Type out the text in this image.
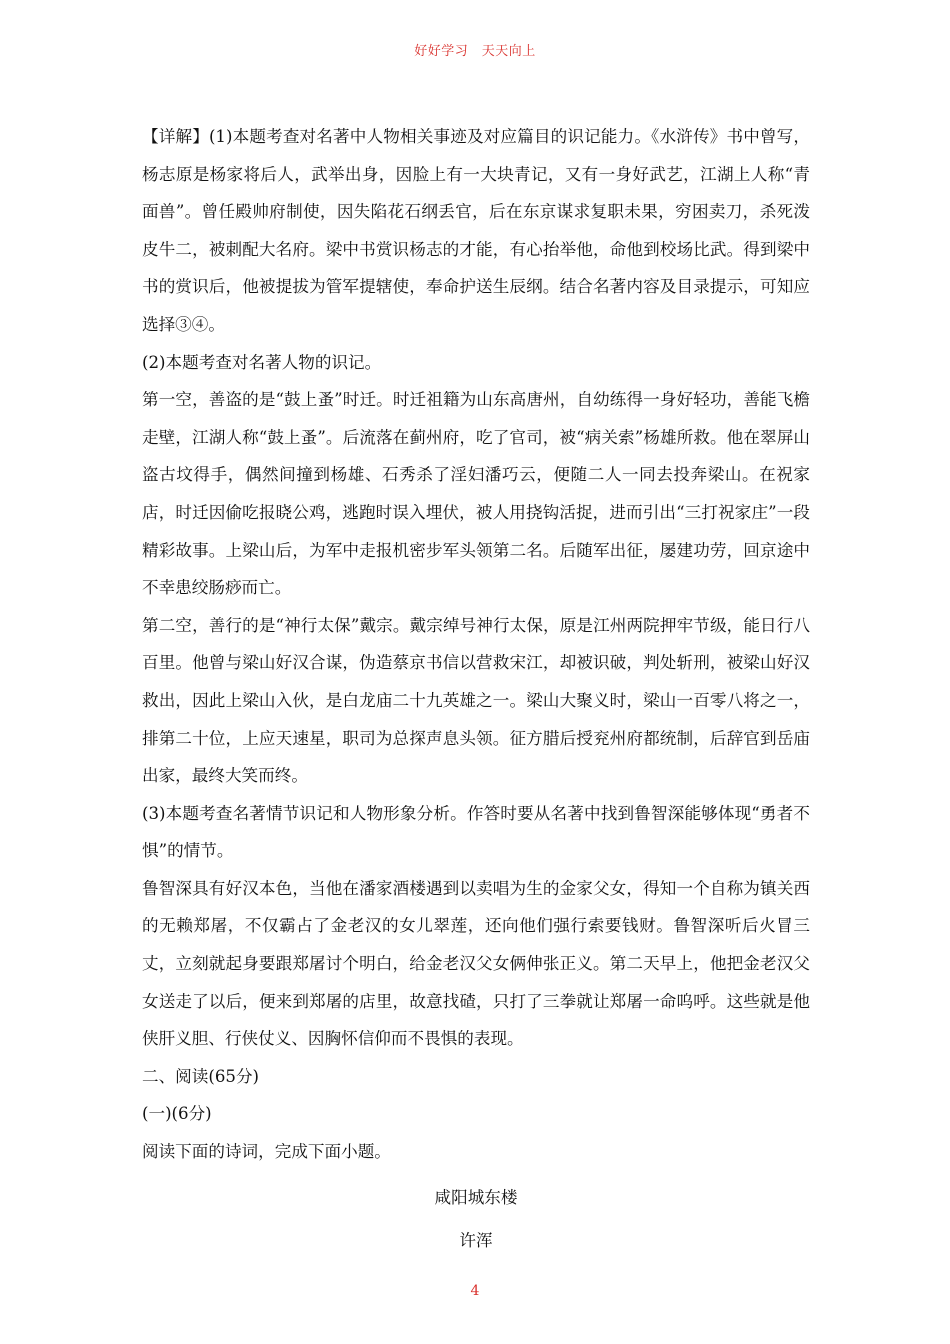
好好学习　天天向上

【详解】(1)本题考查对名著中人物相关事迹及对应篇目的识记能力。《水浒传》书中曾写，杨志原是杨家将后人，武举出身，因脸上有一大块青记，又有一身好武艺，江湖上人称“青面兽”。曾任殿帅府制使，因失陷花石纲丢官，后在东京谋求复职未果，穷困卖刀，杀死泼皮牛二，被刺配大名府。梁中书赏识杨志的才能，有心抬举他，命他到校场比武。得到梁中书的赏识后，他被提拔为管军提辖使，奉命护送生辰纲。结合名著内容及目录提示，可知应选择③④。

(2)本题考查对名著人物的识记。

第一空，善盗的是“鼓上蚤”时迁。时迁祖籍为山东高唐州，自幼练得一身好轻功，善能飞檐走壁，江湖人称“鼓上蚤”。后流落在蓟州府，吃了官司，被“病关索”杨雄所救。他在翠屏山盗古坟得手，偶然间撞到杨雄、石秀杀了淫妇潘巧云，便随二人一同去投奔梁山。在祝家店，时迁因偷吃报晓公鸡，逃跑时误入埋伏，被人用挠钩活捉，进而引出“三打祝家庄”一段精彩故事。上梁山后，为军中走报机密步军头领第二名。后随军出征，屡建功劳，回京途中不幸患绞肠痧而亡。

第二空，善行的是“神行太保”戴宗。戴宗绰号神行太保，原是江州两院押牢节级，能日行八百里。他曾与梁山好汉合谋，伪造蔡京书信以营救宋江，却被识破，判处斩刑，被梁山好汉救出，因此上梁山入伙，是白龙庙二十九英雄之一。梁山大聚义时，梁山一百零八将之一，排第二十位，上应天速星，职司为总探声息头领。征方腊后授兖州府都统制，后辞官到岳庙出家，最终大笑而终。

(3)本题考查名著情节识记和人物形象分析。作答时要从名著中找到鲁智深能够体现“勇者不惧”的情节。

鲁智深具有好汉本色，当他在潘家酒楼遇到以卖唱为生的金家父女，得知一个自称为镇关西的无赖郑屠，不仅霸占了金老汉的女儿翠莲，还向他们强行索要钱财。鲁智深听后火冒三丈，立刻就起身要跟郑屠讨个明白，给金老汉父女俩伸张正义。第二天早上，他把金老汉父女送走了以后，便来到郑屠的店里，故意找碴，只打了三拳就让郑屠一命呜呼。这些就是他侠肝义胆、行侠仗义、因胸怀信仰而不畏惧的表现。

二、阅读(65分)

(一)(6分)

阅读下面的诗词，完成下面小题。

咸阳城东楼

许浑

4
